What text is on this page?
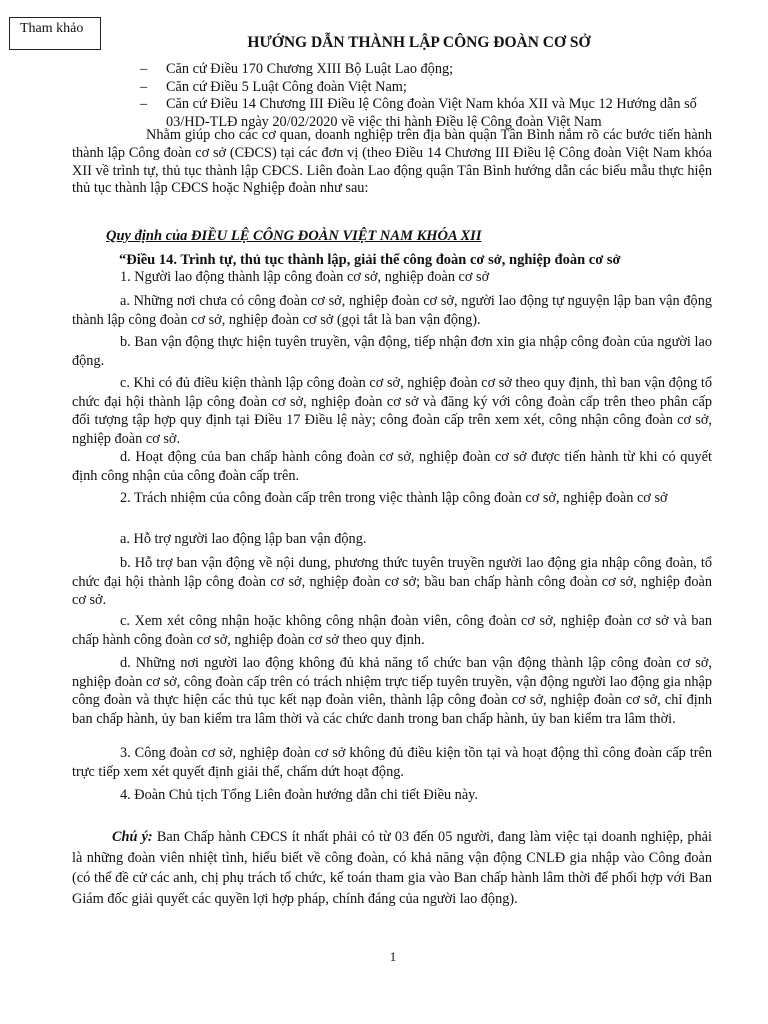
Tham khảo
HƯỚNG DẪN THÀNH LẬP CÔNG ĐOÀN CƠ SỞ
–	Căn cứ Điều 170 Chương XIII Bộ Luật Lao động;
–	Căn cứ Điều 5 Luật Công đoàn Việt Nam;
–	Căn cứ Điều 14 Chương III Điều lệ Công đoàn Việt Nam khóa XII và Mục 12 Hướng dẫn số 03/HD-TLĐ ngày 20/02/2020 về việc thi hành Điều lệ Công đoàn Việt Nam
Nhằm giúp cho các cơ quan, doanh nghiệp trên địa bàn quận Tân Bình nắm rõ các bước tiến hành thành lập Công đoàn cơ sở (CĐCS) tại các đơn vị (theo Điều 14 Chương III Điều lệ Công đoàn Việt Nam khóa XII về trình tự, thủ tục thành lập CĐCS. Liên đoàn Lao động quận Tân Bình hướng dẫn các biểu mẫu thực hiện thủ tục thành lập CĐCS hoặc Nghiệp đoàn như sau:
Quy định của ĐIỀU LỆ CÔNG ĐOÀN VIỆT NAM KHÓA XII
“Điều 14. Trình tự, thủ tục thành lập, giải thể công đoàn cơ sở, nghiệp đoàn cơ sở

1. Người lao động thành lập công đoàn cơ sở, nghiệp đoàn cơ sở

a. Những nơi chưa có công đoàn cơ sở, nghiệp đoàn cơ sở, người lao động tự nguyện lập ban vận động thành lập công đoàn cơ sở, nghiệp đoàn cơ sở (gọi tắt là ban vận động).

b. Ban vận động thực hiện tuyên truyền, vận động, tiếp nhận đơn xin gia nhập công đoàn của người lao động.

c. Khi có đủ điều kiện thành lập công đoàn cơ sở, nghiệp đoàn cơ sở theo quy định, thì ban vận động tổ chức đại hội thành lập công đoàn cơ sở, nghiệp đoàn cơ sở và đăng ký với công đoàn cấp trên theo phân cấp đối tượng tập hợp quy định tại Điều 17 Điều lệ này; công đoàn cấp trên xem xét, công nhận công đoàn cơ sở, nghiệp đoàn cơ sở.

d. Hoạt động của ban chấp hành công đoàn cơ sở, nghiệp đoàn cơ sở được tiến hành từ khi có quyết định công nhận của công đoàn cấp trên.

2. Trách nhiệm của công đoàn cấp trên trong việc thành lập công đoàn cơ sở, nghiệp đoàn cơ sở

a. Hỗ trợ người lao động lập ban vận động.

b. Hỗ trợ ban vận động về nội dung, phương thức tuyên truyền người lao động gia nhập công đoàn, tổ chức đại hội thành lập công đoàn cơ sở, nghiệp đoàn cơ sở; bầu ban chấp hành công đoàn cơ sở, nghiệp đoàn cơ sở.

c. Xem xét công nhận hoặc không công nhận đoàn viên, công đoàn cơ sở, nghiệp đoàn cơ sở và ban chấp hành công đoàn cơ sở, nghiệp đoàn cơ sở theo quy định.

d. Những nơi người lao động không đủ khả năng tổ chức ban vận động thành lập công đoàn cơ sở, nghiệp đoàn cơ sở, công đoàn cấp trên có trách nhiệm trực tiếp tuyên truyền, vận động người lao động gia nhập công đoàn và thực hiện các thủ tục kết nạp đoàn viên, thành lập công đoàn cơ sở, nghiệp đoàn cơ sở, chỉ định ban chấp hành, ủy ban kiểm tra lâm thời và các chức danh trong ban chấp hành, ủy ban kiểm tra lâm thời.

3. Công đoàn cơ sở, nghiệp đoàn cơ sở không đủ điều kiện tồn tại và hoạt động thì công đoàn cấp trên trực tiếp xem xét quyết định giải thể, chấm dứt hoạt động.

4. Đoàn Chủ tịch Tổng Liên đoàn hướng dẫn chi tiết Điều này.

Chú ý: Ban Chấp hành CĐCS ít nhất phải có từ 03 đến 05 người, đang làm việc tại doanh nghiệp, phải là những đoàn viên nhiệt tình, hiểu biết về công đoàn, có khả năng vận động CNLĐ gia nhập vào Công đoàn (có thể đề cử các anh, chị phụ trách tổ chức, kế toán tham gia vào Ban chấp hành lâm thời để phối hợp với Ban Giám đốc giải quyết các quyền lợi hợp pháp, chính đáng của người lao động).

1
